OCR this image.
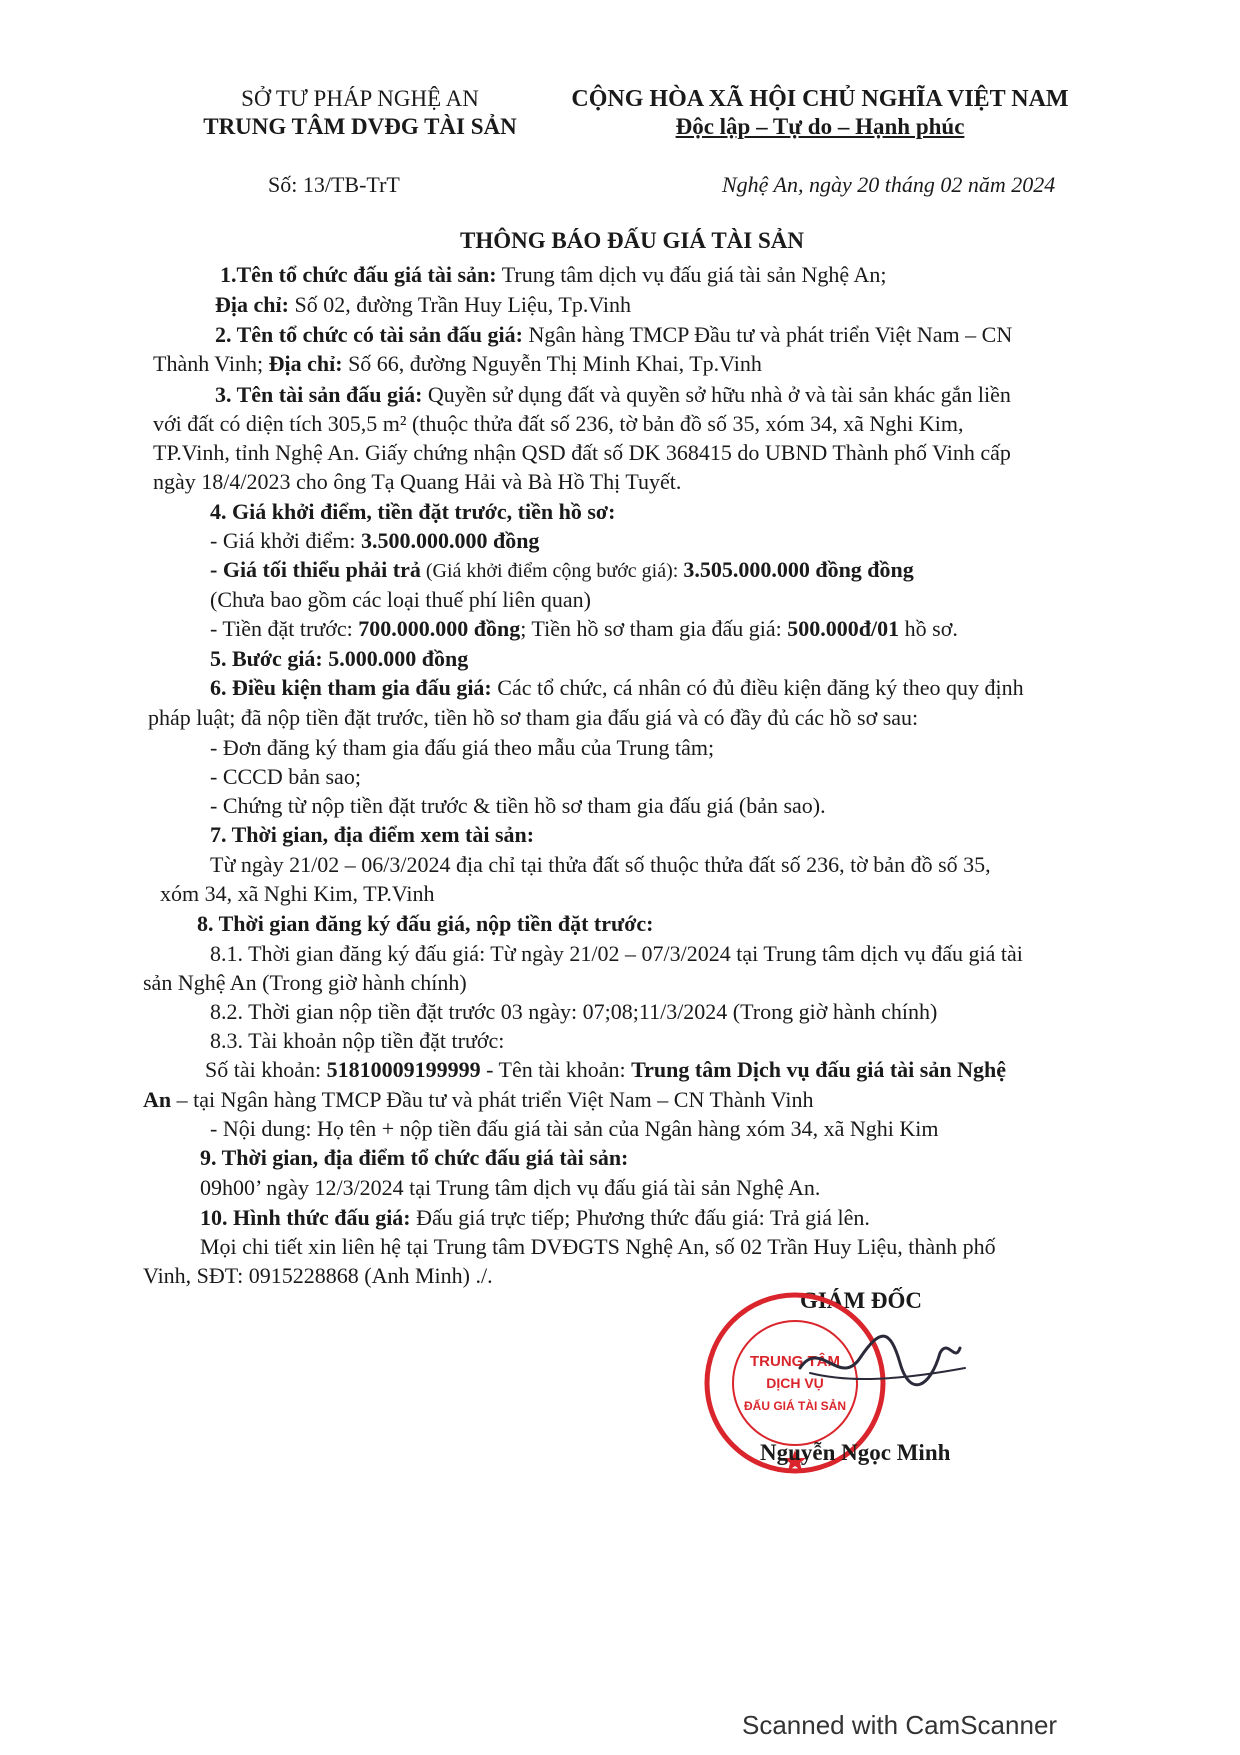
SỞ TƯ PHÁP NGHỆ AN
TRUNG TÂM DVĐG TÀI SẢN
CỘNG HÒA XÃ HỘI CHỦ NGHĨA VIỆT NAM
Độc lập – Tự do – Hạnh phúc
Số: 13/TB-TrT	Nghệ An, ngày 20 tháng 02 năm 2024
THÔNG BÁO ĐẤU GIÁ TÀI SẢN
1.Tên tổ chức đấu giá tài sản: Trung tâm dịch vụ đấu giá tài sản Nghệ An;
Địa chỉ: Số 02, đường Trần Huy Liệu, Tp.Vinh
2. Tên tổ chức có tài sản đấu giá: Ngân hàng TMCP Đầu tư và phát triển Việt Nam – CN
Thành Vinh; Địa chỉ: Số 66, đường Nguyễn Thị Minh Khai, Tp.Vinh
3. Tên tài sản đấu giá: Quyền sử dụng đất và quyền sở hữu nhà ở và tài sản khác gắn liền
với đất có diện tích 305,5 m² (thuộc thửa đất số 236, tờ bản đồ số 35, xóm 34, xã Nghi Kim,
TP.Vinh, tỉnh Nghệ An. Giấy chứng nhận QSD đất số DK 368415 do UBND Thành phố Vinh cấp
ngày 18/4/2023 cho ông Tạ Quang Hải và Bà Hồ Thị Tuyết.
4. Giá khởi điểm, tiền đặt trước, tiền hồ sơ:
- Giá khởi điểm: 3.500.000.000 đồng
- Giá tối thiểu phải trả (Giá khởi điểm cộng bước giá): 3.505.000.000 đồng đồng
(Chưa bao gồm các loại thuế phí liên quan)
- Tiền đặt trước: 700.000.000 đồng; Tiền hồ sơ tham gia đấu giá: 500.000đ/01 hồ sơ.
5. Bước giá: 5.000.000 đồng
6. Điều kiện tham gia đấu giá: Các tổ chức, cá nhân có đủ điều kiện đăng ký theo quy định
pháp luật; đã nộp tiền đặt trước, tiền hồ sơ tham gia đấu giá và có đầy đủ các hồ sơ sau:
- Đơn đăng ký tham gia đấu giá theo mẫu của Trung tâm;
- CCCD bản sao;
- Chứng từ nộp tiền đặt trước & tiền hồ sơ tham gia đấu giá (bản sao).
7. Thời gian, địa điểm xem tài sản:
Từ ngày 21/02 – 06/3/2024 địa chỉ tại thửa đất số thuộc thửa đất số 236, tờ bản đồ số 35,
xóm 34, xã Nghi Kim, TP.Vinh
8. Thời gian đăng ký đấu giá, nộp tiền đặt trước:
8.1. Thời gian đăng ký đấu giá: Từ ngày 21/02 – 07/3/2024 tại Trung tâm dịch vụ đấu giá tài
sản Nghệ An (Trong giờ hành chính)
8.2. Thời gian nộp tiền đặt trước 03 ngày: 07;08;11/3/2024 (Trong giờ hành chính)
8.3. Tài khoản nộp tiền đặt trước:
Số tài khoản: 51810009199999 - Tên tài khoản: Trung tâm Dịch vụ đấu giá tài sản Nghệ
An – tại Ngân hàng TMCP Đầu tư và phát triển Việt Nam – CN Thành Vinh
- Nội dung: Họ tên + nộp tiền đấu giá tài sản của Ngân hàng xóm 34, xã Nghi Kim
9. Thời gian, địa điểm tổ chức đấu giá tài sản:
09h00’ ngày 12/3/2024 tại Trung tâm dịch vụ đấu giá tài sản Nghệ An.
10. Hình thức đấu giá: Đấu giá trực tiếp; Phương thức đấu giá: Trả giá lên.
Mọi chi tiết xin liên hệ tại Trung tâm DVĐGTS Nghệ An, số 02 Trần Huy Liệu, thành phố
Vinh, SĐT: 0915228868 (Anh Minh) ./.
GIÁM ĐỐC
TRUNG TÂM
DỊCH VỤ
ĐẤU GIÁ TÀI SẢN
Nguyễn Ngọc Minh
Scanned with CamScanner
